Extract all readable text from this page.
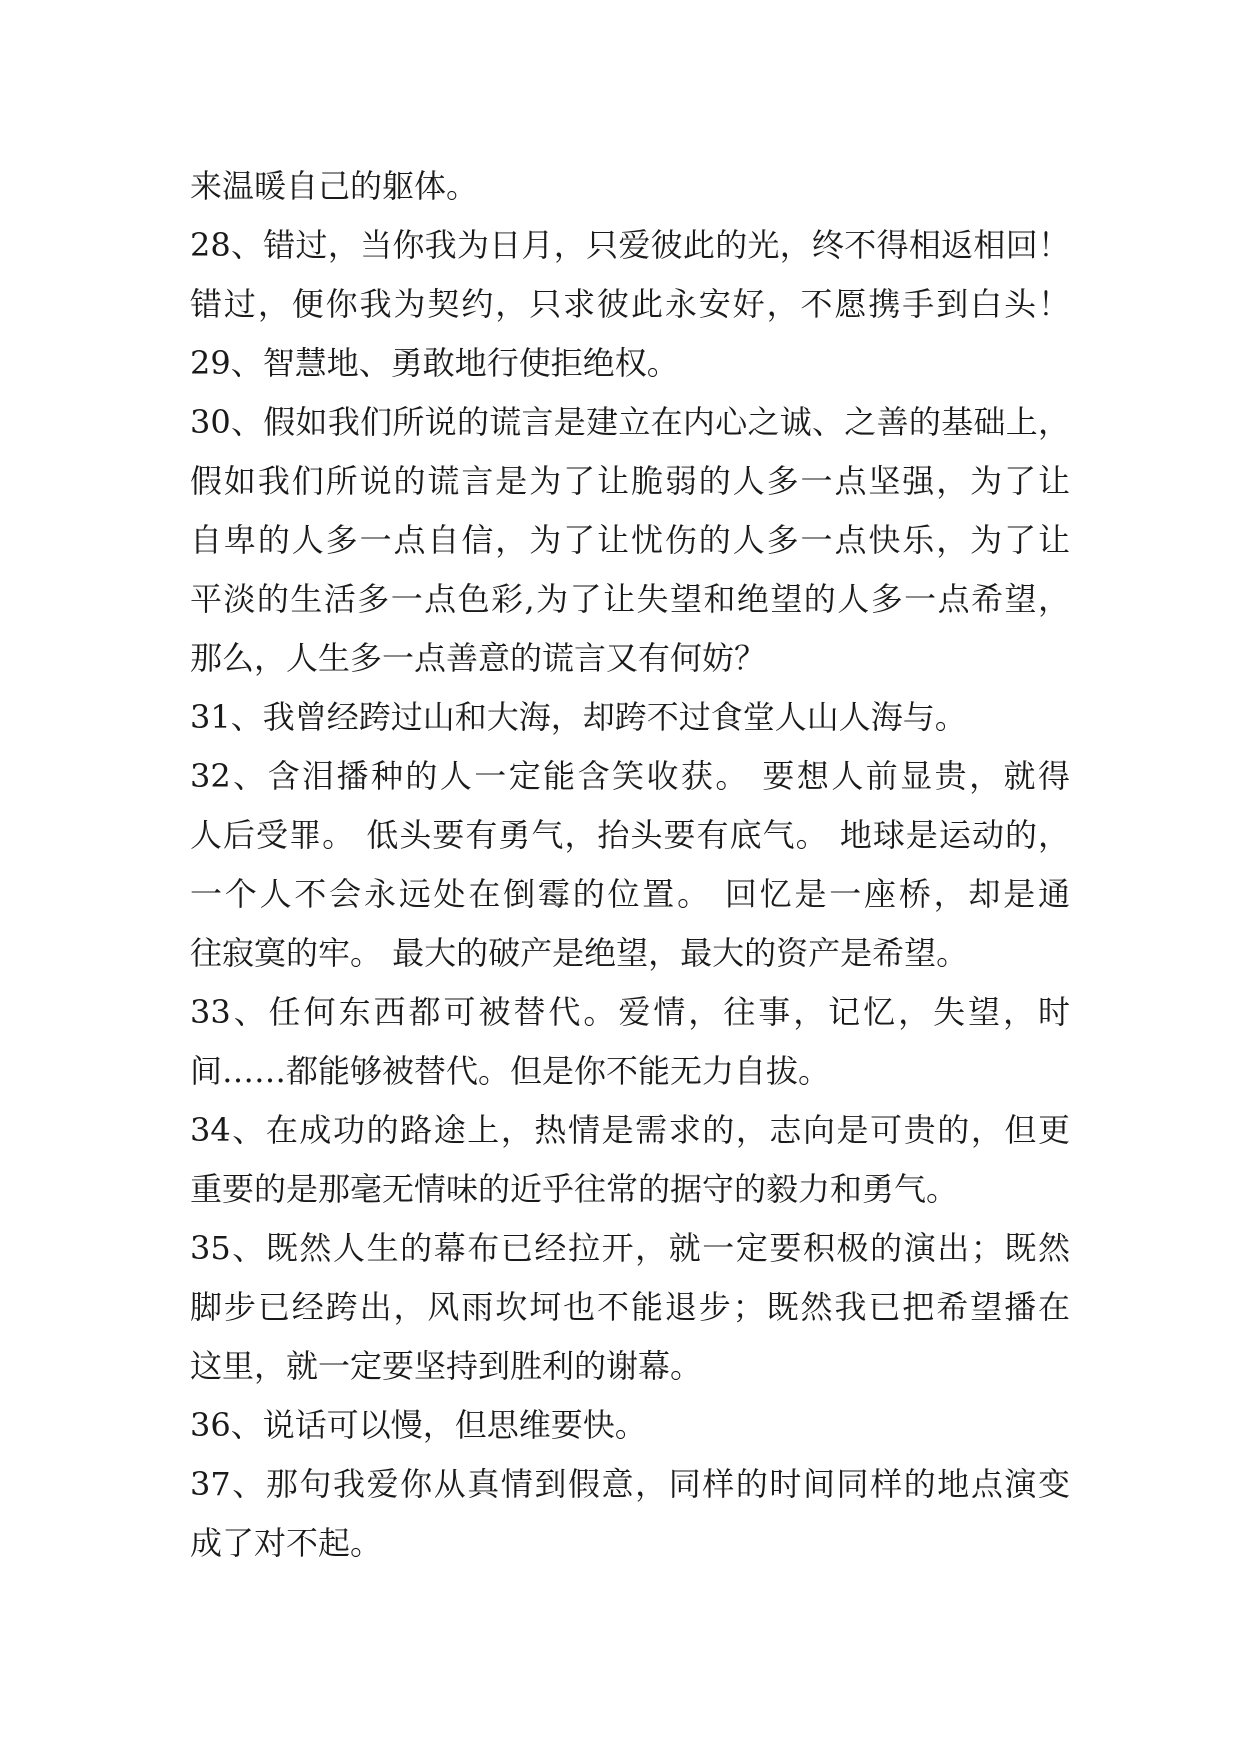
来温暖自己的躯体。
28、错过，当你我为日月，只爱彼此的光，终不得相返相回！
错过，便你我为契约，只求彼此永安好，不愿携手到白头！
29、智慧地、勇敢地行使拒绝权。
30、假如我们所说的谎言是建立在内心之诚、之善的基础上，
假如我们所说的谎言是为了让脆弱的人多一点坚强，为了让
自卑的人多一点自信，为了让忧伤的人多一点快乐，为了让
平淡的生活多一点色彩,为了让失望和绝望的人多一点希望，
那么，人生多一点善意的谎言又有何妨？
31、我曾经跨过山和大海，却跨不过食堂人山人海与。
32、含泪播种的人一定能含笑收获。 要想人前显贵，就得
人后受罪。 低头要有勇气，抬头要有底气。 地球是运动的，
一个人不会永远处在倒霉的位置。 回忆是一座桥，却是通
往寂寞的牢。 最大的破产是绝望，最大的资产是希望。
33、任何东西都可被替代。爱情，往事，记忆，失望，时
间……都能够被替代。但是你不能无力自拔。
34、在成功的路途上，热情是需求的，志向是可贵的，但更
重要的是那毫无情味的近乎往常的据守的毅力和勇气。
35、既然人生的幕布已经拉开，就一定要积极的演出；既然
脚步已经跨出，风雨坎坷也不能退步；既然我已把希望播在
这里，就一定要坚持到胜利的谢幕。
36、说话可以慢，但思维要快。
37、那句我爱你从真情到假意，同样的时间同样的地点演变
成了对不起。
